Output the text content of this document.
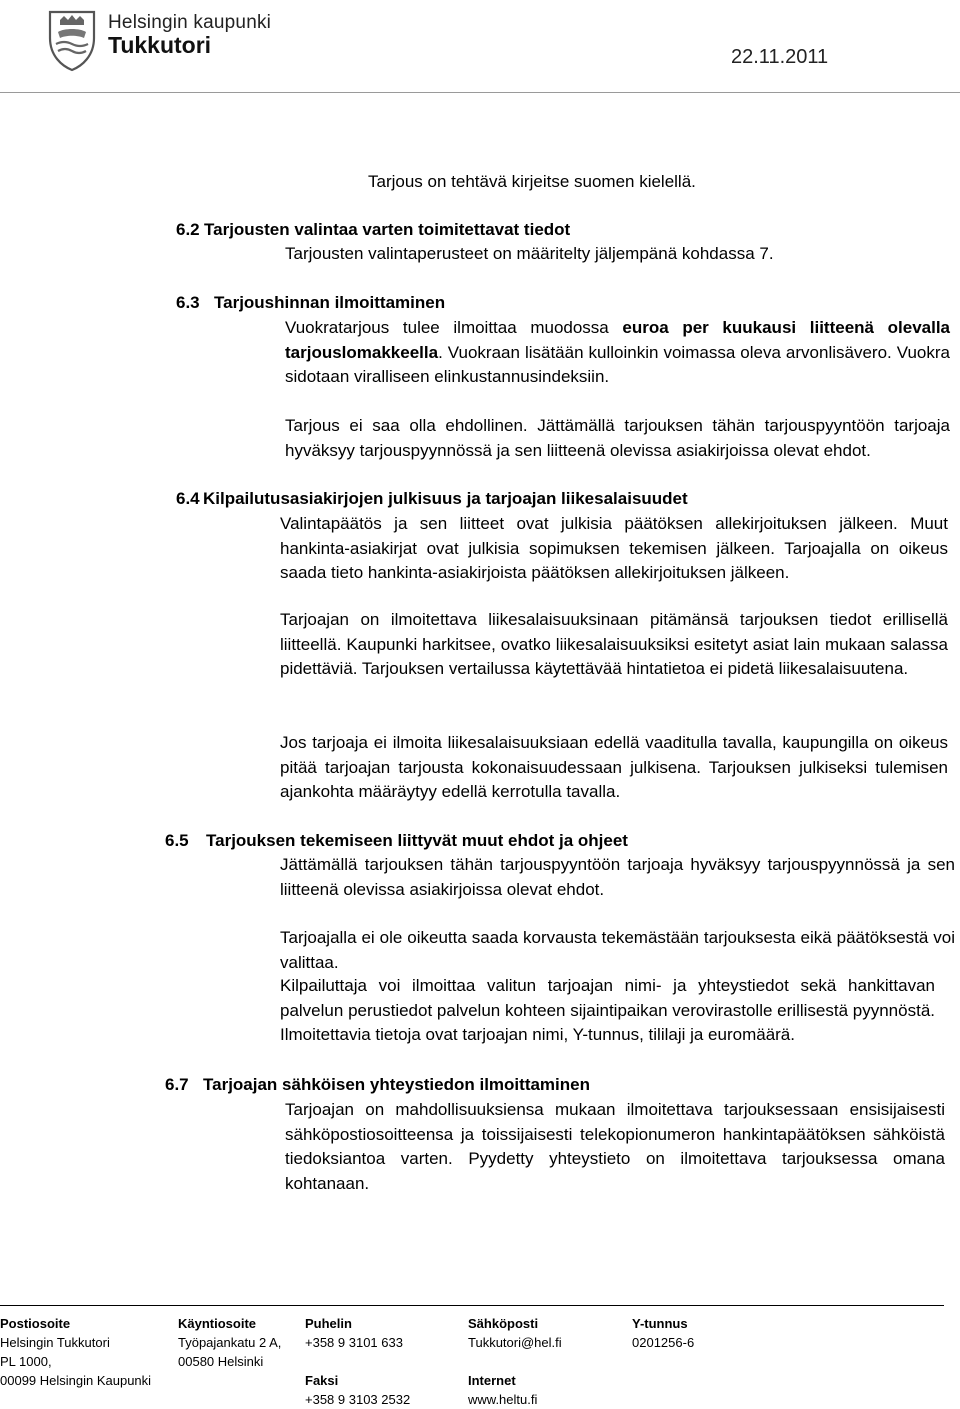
Helsingin kaupunki
Tukkutori	22.11.2011

Tarjous on tehtävä kirjeitse suomen kielellä.

6.2 Tarjousten valintaa varten toimitettavat tiedot

Tarjousten valintaperusteet on määritelty jäljempänä kohdassa 7.

6.3 Tarjoushinnan ilmoittaminen

Vuokratarjous tulee ilmoittaa muodossa euroa per kuukausi liitteenä olevalla tarjouslomakkeella. Vuokraan lisätään kulloinkin voimassa oleva arvonlisävero. Vuokra sidotaan viralliseen elinkustannusindeksiin.

Tarjous ei saa olla ehdollinen. Jättämällä tarjouksen tähän tarjouspyyntöön tarjoaja hyväksyy tarjouspyynnössä ja sen liitteenä olevissa asiakirjoissa olevat ehdot.

6.4 Kilpailutusasiakirjojen julkisuus ja tarjoajan liikesalaisuudet

Valintapäätös ja sen liitteet ovat julkisia päätöksen allekirjoituksen jälkeen. Muut hankinta-asiakirjat ovat julkisia sopimuksen tekemisen jälkeen. Tarjoajalla on oikeus saada tieto hankinta-asiakirjoista päätöksen allekirjoituksen jälkeen.

Tarjoajan on ilmoitettava liikesalaisuuksinaan pitämänsä tarjouksen tiedot erillisellä liitteellä. Kaupunki harkitsee, ovatko liikesalaisuuksiksi esitetyt asiat lain mukaan salassa pidettäviä. Tarjouksen vertailussa käytettävää hintatietoa ei pidetä liikesalaisuutena.

Jos tarjoaja ei ilmoita liikesalaisuuksiaan edellä vaaditulla tavalla, kaupungilla on oikeus pitää tarjoajan tarjousta kokonaisuudessaan julkisena. Tarjouksen julkiseksi tulemisen ajankohta määräytyy edellä kerrotulla tavalla.

6.5 Tarjouksen tekemiseen liittyvät muut ehdot ja ohjeet

Jättämällä tarjouksen tähän tarjouspyyntöön tarjoaja hyväksyy tarjouspyynnössä ja sen liitteenä olevissa asiakirjoissa olevat ehdot.

Tarjoajalla ei ole oikeutta saada korvausta tekemästään tarjouksesta eikä päätöksestä voi valittaa.

Kilpailuttaja voi ilmoittaa valitun tarjoajan nimi- ja yhteystiedot sekä hankittavan palvelun perustiedot palvelun kohteen sijaintipaikan verovirastolle erillisestä pyynnöstä. Ilmoitettavia tietoja ovat tarjoajan nimi, Y-tunnus, tililaji ja euromäärä.

6.7 Tarjoajan sähköisen yhteystiedon ilmoittaminen

Tarjoajan on mahdollisuuksiensa mukaan ilmoitettava tarjouksessaan ensisijaisesti sähköpostiosoitteensa ja toissijaisesti telekopionumeron hankintapäätöksen sähköistä tiedoksiantoa varten. Pyydetty yhteystieto on ilmoitettava tarjouksessa omana kohtanaan.

Postiosoite
Helsingin Tukkutori
PL 1000,
00099 Helsingin Kaupunki
Käyntiosoite
Työpajankatu 2 A,
00580 Helsinki
Puhelin
+358 9 3101 633

Faksi
+358 9 3103 2532
Sähköposti
Tukkutori@hel.fi

Internet
www.heltu.fi
Y-tunnus
0201256-6
